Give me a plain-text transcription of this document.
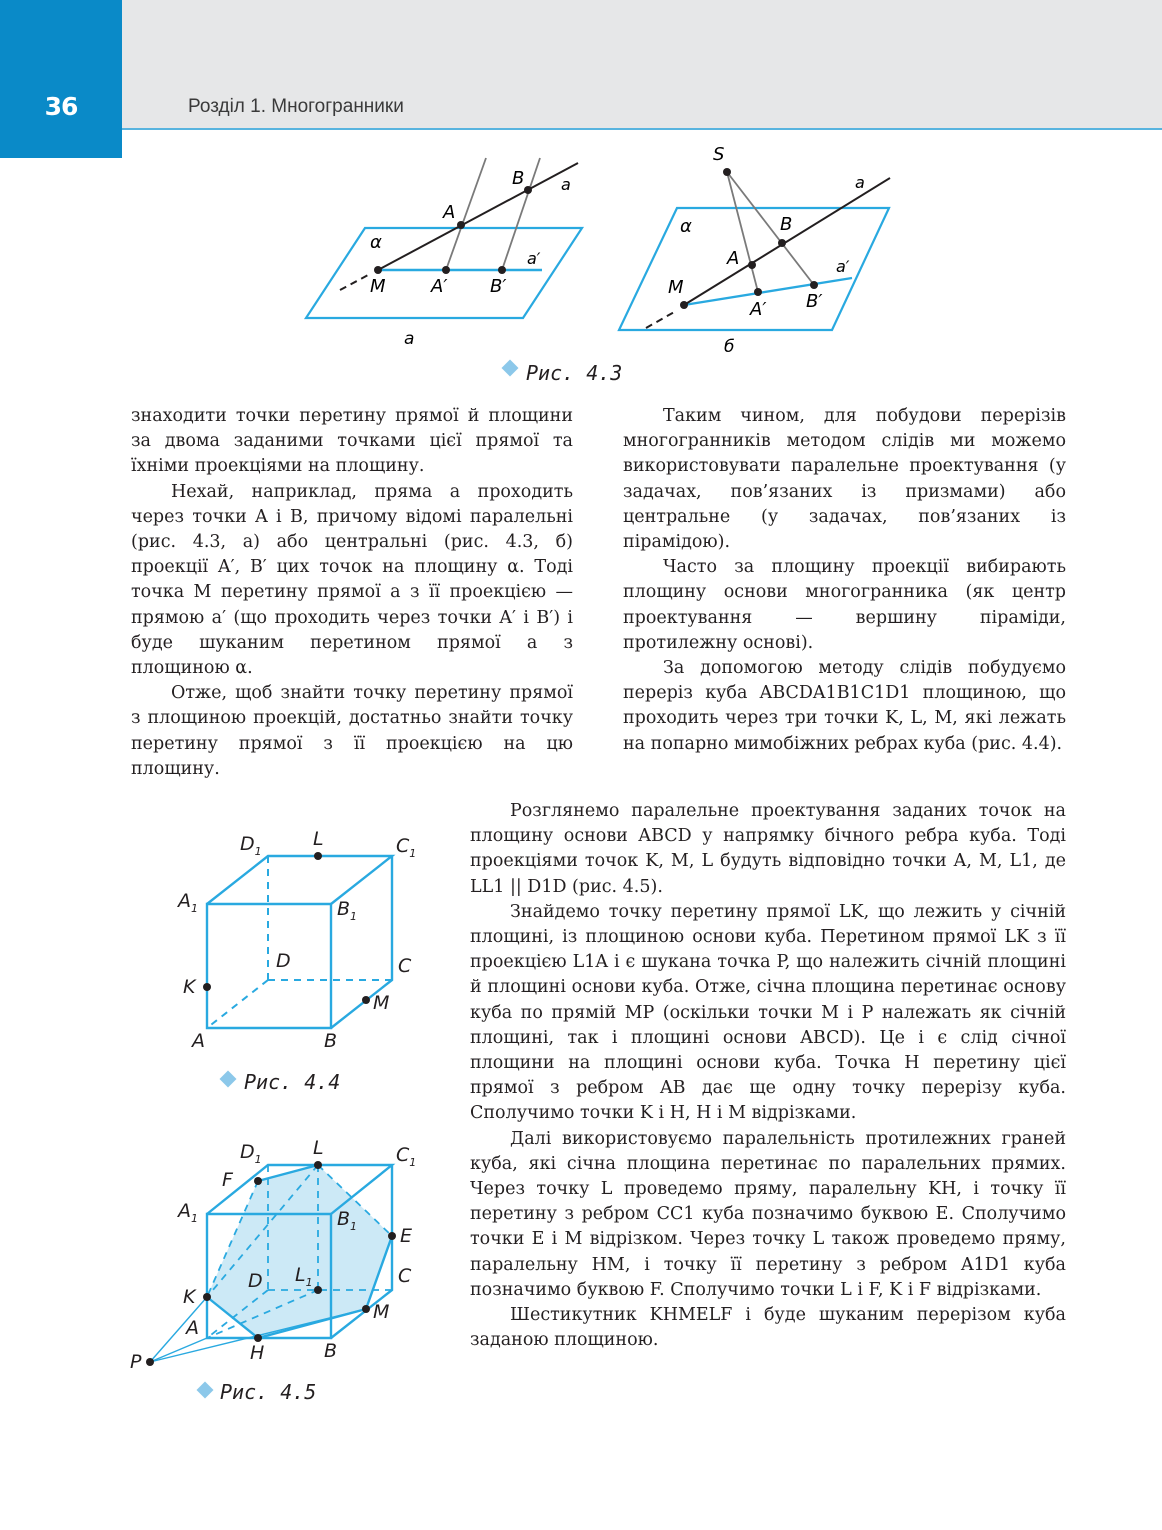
36	Розділ 1. Многогранники
α
a
a′
A
B
M	A′ B′
а
S
α
a
a′
A
B
M
A′ B′
б
Рис. 4.3

знаходити точки перетину прямої й площини за двома заданими точками цієї прямої та їхніми проекціями на площину.

Нехай, наприклад, пряма a проходить через точки A і B, причому відомі паралельні (рис. 4.3, а) або центральні (рис. 4.3, б) проекції A′, B′ цих точок на площину α. Тоді точка M перетину прямої a з її проекцією — прямою a′ (що проходить через точки A′ і B′) і буде шуканим перетином прямої a з площиною α.

Отже, щоб знайти точку перетину прямої з площиною проекцій, достатньо знайти точку перетину прямої з її проекцією на цю площину.

Таким чином, для побудови перерізів многогранників методом слідів ми можемо використовувати паралельне проектування (у задачах, пов’язаних із призмами) або центральне (у задачах, пов’язаних із пірамідою).

Часто за площину проекції вибирають площину основи многогранника (як центр проектування — вершину піраміди, протилежну основі).

За допомогою методу слідів побудуємо переріз куба ABCDA1B1C1D1 площиною, що проходить через три точки K, L, M, які лежать на попарно мимобіжних ребрах куба (рис. 4.4).

$D_1$
L	$C_1$
$A_1$	$B_1$
D	C
K
M
A	B
Рис. 4.4
$D_1$
L	$C_1$
F
$A_1$	$B_1$ E
$L_1$
D	C
K
M
A
H	B
P
Рис. 4.5

Розглянемо паралельне проектування заданих точок на площину основи ABCD у напрямку бічного ребра куба. Тоді проекціями точок K, M, L будуть відповідно точки A, M, L1, де LL1 || D1D (рис. 4.5).

Знайдемо точку перетину прямої LK, що лежить у січній площині, із площиною основи куба. Перетином прямої LK з її проекцією L1A і є шукана точка P, що належить січній площині й площині основи куба. Отже, січна площина перетинає основу куба по прямій MP (оскільки точки M і P належать як січній площині, так і площині основи ABCD). Це і є слід січної площини на площині основи куба. Точка H перетину цієї прямої з ребром AB дає ще одну точку перерізу куба. Сполучимо точки K і H, H і M відрізками.

Далі використовуємо паралельність протилежних граней куба, які січна площина перетинає по паралельних прямих. Через точку L проведемо пряму, паралельну KH, і точку її перетину з ребром CC1 куба позначимо буквою E. Сполучимо точки E і M відрізком. Через точку L також проведемо пряму, паралельну HM, і точку її перетину з ребром A1D1 куба позначимо буквою F. Сполучимо точки L і F, K і F відрізками.

Шестикутник KHMELF і буде шуканим перерізом куба заданою площиною.
